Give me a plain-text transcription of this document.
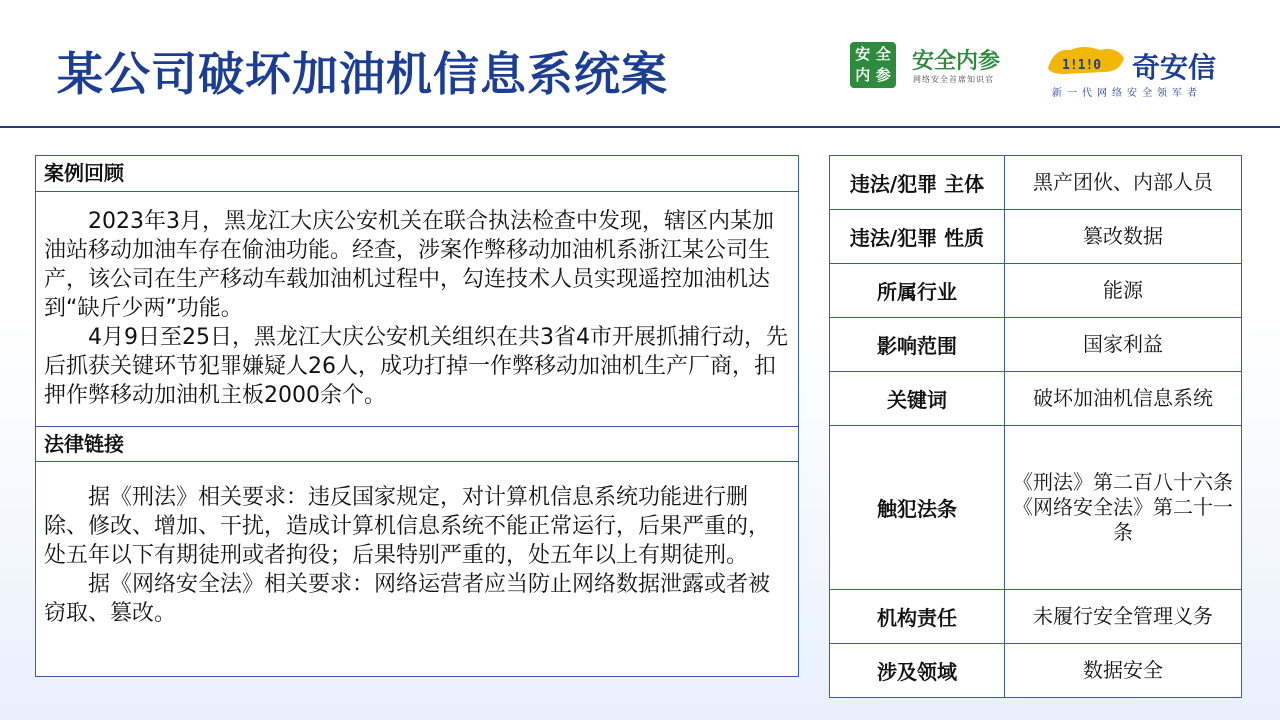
某公司破坏加油机信息系统案	安 全
内 参
安全内参
网络安全首席知识官
1!1!0 奇安信
新一代网络安全领军者
案例回顾

2023年3月，黑龙江大庆公安机关在联合执法检查中发现，辖区内某加油站移动加油车存在偷油功能。经查，涉案作弊移动加油机系浙江某公司生产，该公司在生产移动车载加油机过程中，勾连技术人员实现遥控加油机达到“缺斤少两”功能。

4月9日至25日，黑龙江大庆公安机关组织在共3省4市开展抓捕行动，先后抓获关键环节犯罪嫌疑人26人，成功打掉一作弊移动加油机生产厂商，扣押作弊移动加油机主板2000余个。

法律链接

据《刑法》相关要求：违反国家规定，对计算机信息系统功能进行删除、修改、增加、干扰，造成计算机信息系统不能正常运行，后果严重的，处五年以下有期徒刑或者拘役；后果特别严重的，处五年以上有期徒刑。

据《网络安全法》相关要求：网络运营者应当防止网络数据泄露或者被窃取、篡改。

违法/犯罪 主体	黑产团伙、内部人员
违法/犯罪 性质	篡改数据
所属行业	能源
影响范围	国家利益
关键词	破坏加油机信息系统
触犯法条	《刑法》第二百八十六条
《网络安全法》第二十一条
机构责任	未履行安全管理义务
涉及领域	数据安全
